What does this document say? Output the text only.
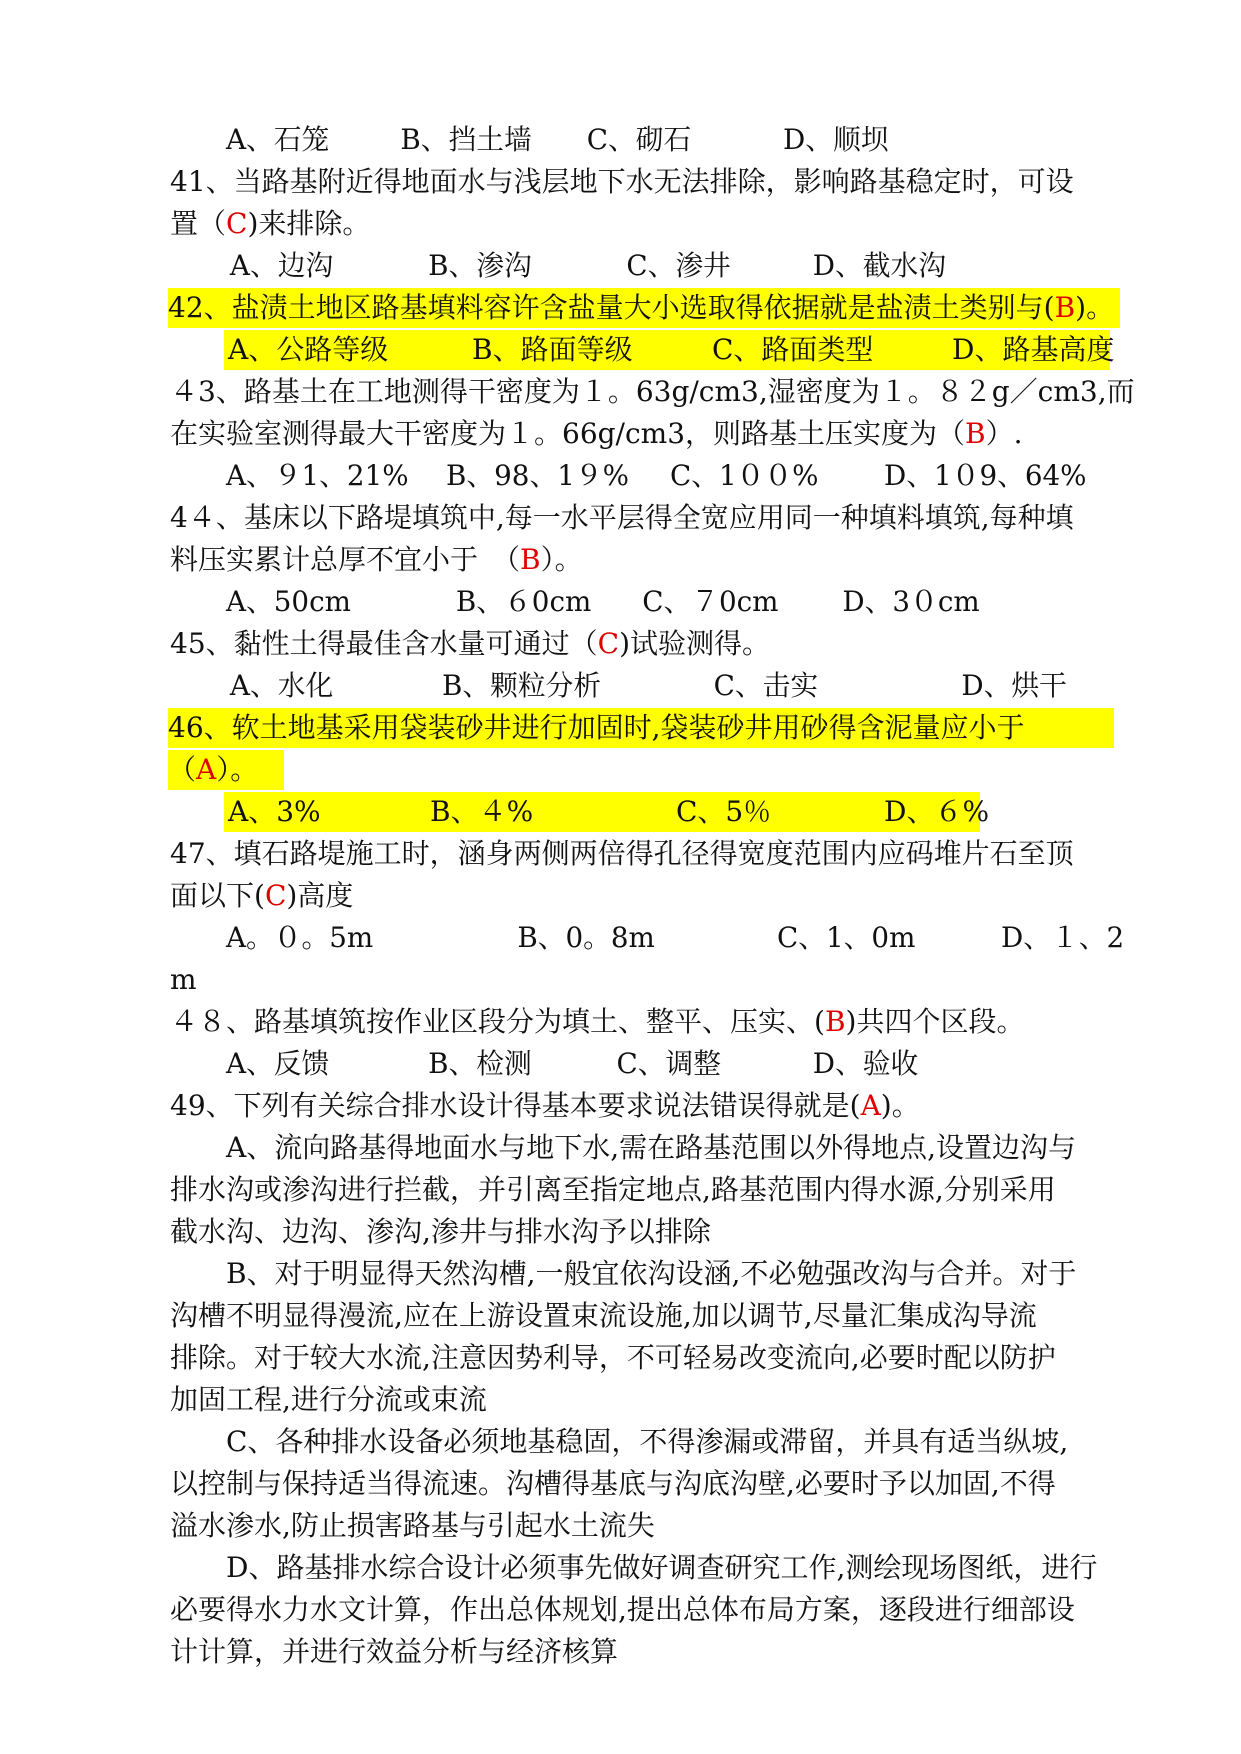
A、石笼	B、挡土墙 C、砌石	D、顺坝
41、当路基附近得地面水与浅层地下水无法排除，影响路基稳定时，可设
置（C)来排除。
A、边沟	B、渗沟	C、渗井	D、截水沟
42、盐渍土地区路基填料容许含盐量大小选取得依据就是盐渍土类别与(B)。
A、公路等级	B、路面等级	C、路面类型	D、路基高度
４3、路基土在工地测得干密度为１。63g/cm3,湿密度为１。８２g／cm3,而
在实验室测得最大干密度为１。66g/cm3，则路基土压实度为（B）.
A、９1、21% B、98、1９% C、1００% D、1０9、64%
4４、基床以下路堤填筑中,每一水平层得全宽应用同一种填料填筑,每种填
料压实累计总厚不宜小于　（B）。
A、50cm	B、６0cm C、７0cm D、3０cm
45、黏性土得最佳含水量可通过（C)试验测得。
A、水化	B、颗粒分析	C、击实	D、烘干
46、软土地基采用袋装砂井进行加固时,袋装砂井用砂得含泥量应小于
（A）。
A、3%	B、４%	C、5％	D、６%
47、填石路堤施工时，涵身两侧两倍得孔径得宽度范围内应码堆片石至顶
面以下(C)高度
A。０。5m	B、0。8m	C、1、0m	D、１、2
m
４８、路基填筑按作业区段分为填土、整平、压实、(B)共四个区段。
A、反馈	B、检测	C、调整	D、验收
49、下列有关综合排水设计得基本要求说法错误得就是(A)。
A、流向路基得地面水与地下水,需在路基范围以外得地点,设置边沟与
排水沟或渗沟进行拦截，并引离至指定地点,路基范围内得水源,分别采用
截水沟、边沟、渗沟,渗井与排水沟予以排除
B、对于明显得天然沟槽,一般宜依沟设涵,不必勉强改沟与合并。对于
沟槽不明显得漫流,应在上游设置束流设施,加以调节,尽量汇集成沟导流
排除。对于较大水流,注意因势利导，不可轻易改变流向,必要时配以防护
加固工程,进行分流或束流
C、各种排水设备必须地基稳固，不得渗漏或滞留，并具有适当纵坡,
以控制与保持适当得流速。沟槽得基底与沟底沟壁,必要时予以加固,不得
溢水渗水,防止损害路基与引起水土流失
D、路基排水综合设计必须事先做好调查研究工作,测绘现场图纸，进行
必要得水力水文计算，作出总体规划,提出总体布局方案，逐段进行细部设
计计算，并进行效益分析与经济核算
